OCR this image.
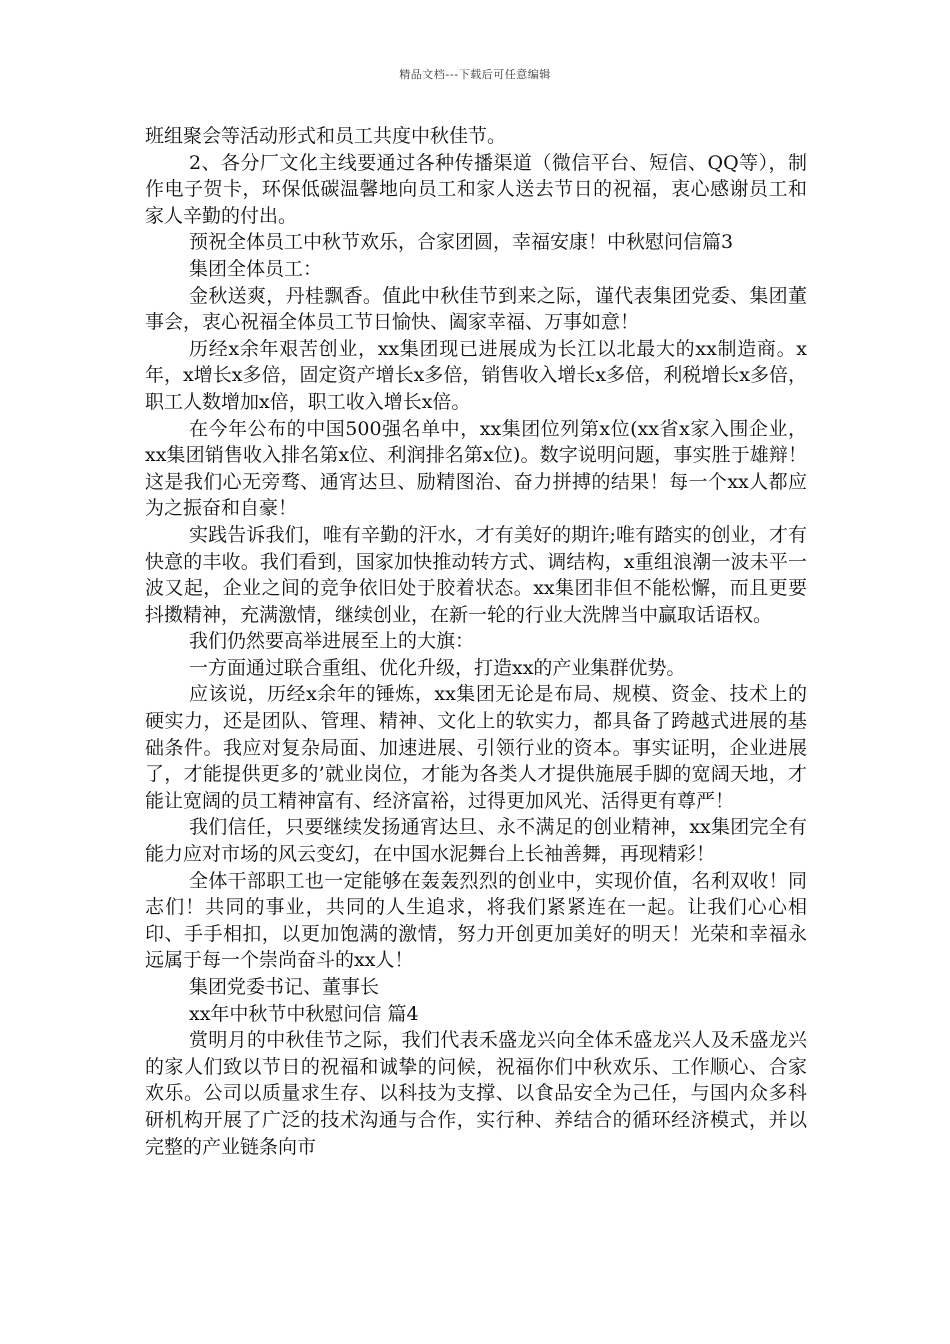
精品文档---下载后可任意编辑

班组聚会等活动形式和员工共度中秋佳节。

2、各分厂文化主线要通过各种传播渠道（微信平台、短信、QQ等），制作电子贺卡，环保低碳温馨地向员工和家人送去节日的祝福，衷心感谢员工和家人辛勤的付出。

预祝全体员工中秋节欢乐，合家团圆，幸福安康！中秋慰问信篇3

集团全体员工：

金秋送爽，丹桂飘香。值此中秋佳节到来之际，谨代表集团党委、集团董事会，衷心祝福全体员工节日愉快、阖家幸福、万事如意！

历经x余年艰苦创业，xx集团现已进展成为长江以北最大的xx制造商。x年，x增长x多倍，固定资产增长x多倍，销售收入增长x多倍，利税增长x多倍，职工人数增加x倍，职工收入增长x倍。

在今年公布的中国500强名单中，xx集团位列第x位(xx省x家入围企业，xx集团销售收入排名第x位、利润排名第x位)。数字说明问题，事实胜于雄辩！这是我们心无旁骛、通宵达旦、励精图治、奋力拼搏的结果！每一个xx人都应为之振奋和自豪！

实践告诉我们，唯有辛勤的汗水，才有美好的期许;唯有踏实的创业，才有快意的丰收。我们看到，国家加快推动转方式、调结构，x重组浪潮一波未平一波又起，企业之间的竞争依旧处于胶着状态。xx集团非但不能松懈，而且更要抖擞精神，充满激情，继续创业，在新一轮的行业大洗牌当中赢取话语权。

我们仍然要高举进展至上的大旗：

一方面通过联合重组、优化升级，打造xx的产业集群优势。

应该说，历经x余年的锤炼，xx集团无论是布局、规模、资金、技术上的硬实力，还是团队、管理、精神、文化上的软实力，都具备了跨越式进展的基础条件。我应对复杂局面、加速进展、引领行业的资本。事实证明，企业进展了，才能提供更多的’就业岗位，才能为各类人才提供施展手脚的宽阔天地，才能让宽阔的员工精神富有、经济富裕，过得更加风光、活得更有尊严！

我们信任，只要继续发扬通宵达旦、永不满足的创业精神，xx集团完全有能力应对市场的风云变幻，在中国水泥舞台上长袖善舞，再现精彩！

全体干部职工也一定能够在轰轰烈烈的创业中，实现价值，名利双收！同志们！共同的事业，共同的人生追求，将我们紧紧连在一起。让我们心心相印、手手相扣，以更加饱满的激情，努力开创更加美好的明天！光荣和幸福永远属于每一个崇尚奋斗的xx人！

集团党委书记、董事长

xx年中秋节中秋慰问信 篇4

赏明月的中秋佳节之际，我们代表禾盛龙兴向全体禾盛龙兴人及禾盛龙兴的家人们致以节日的祝福和诚挚的问候，祝福你们中秋欢乐、工作顺心、合家欢乐。公司以质量求生存、以科技为支撑、以食品安全为己任，与国内众多科研机构开展了广泛的技术沟通与合作，实行种、养结合的循环经济模式，并以完整的产业链条向市
